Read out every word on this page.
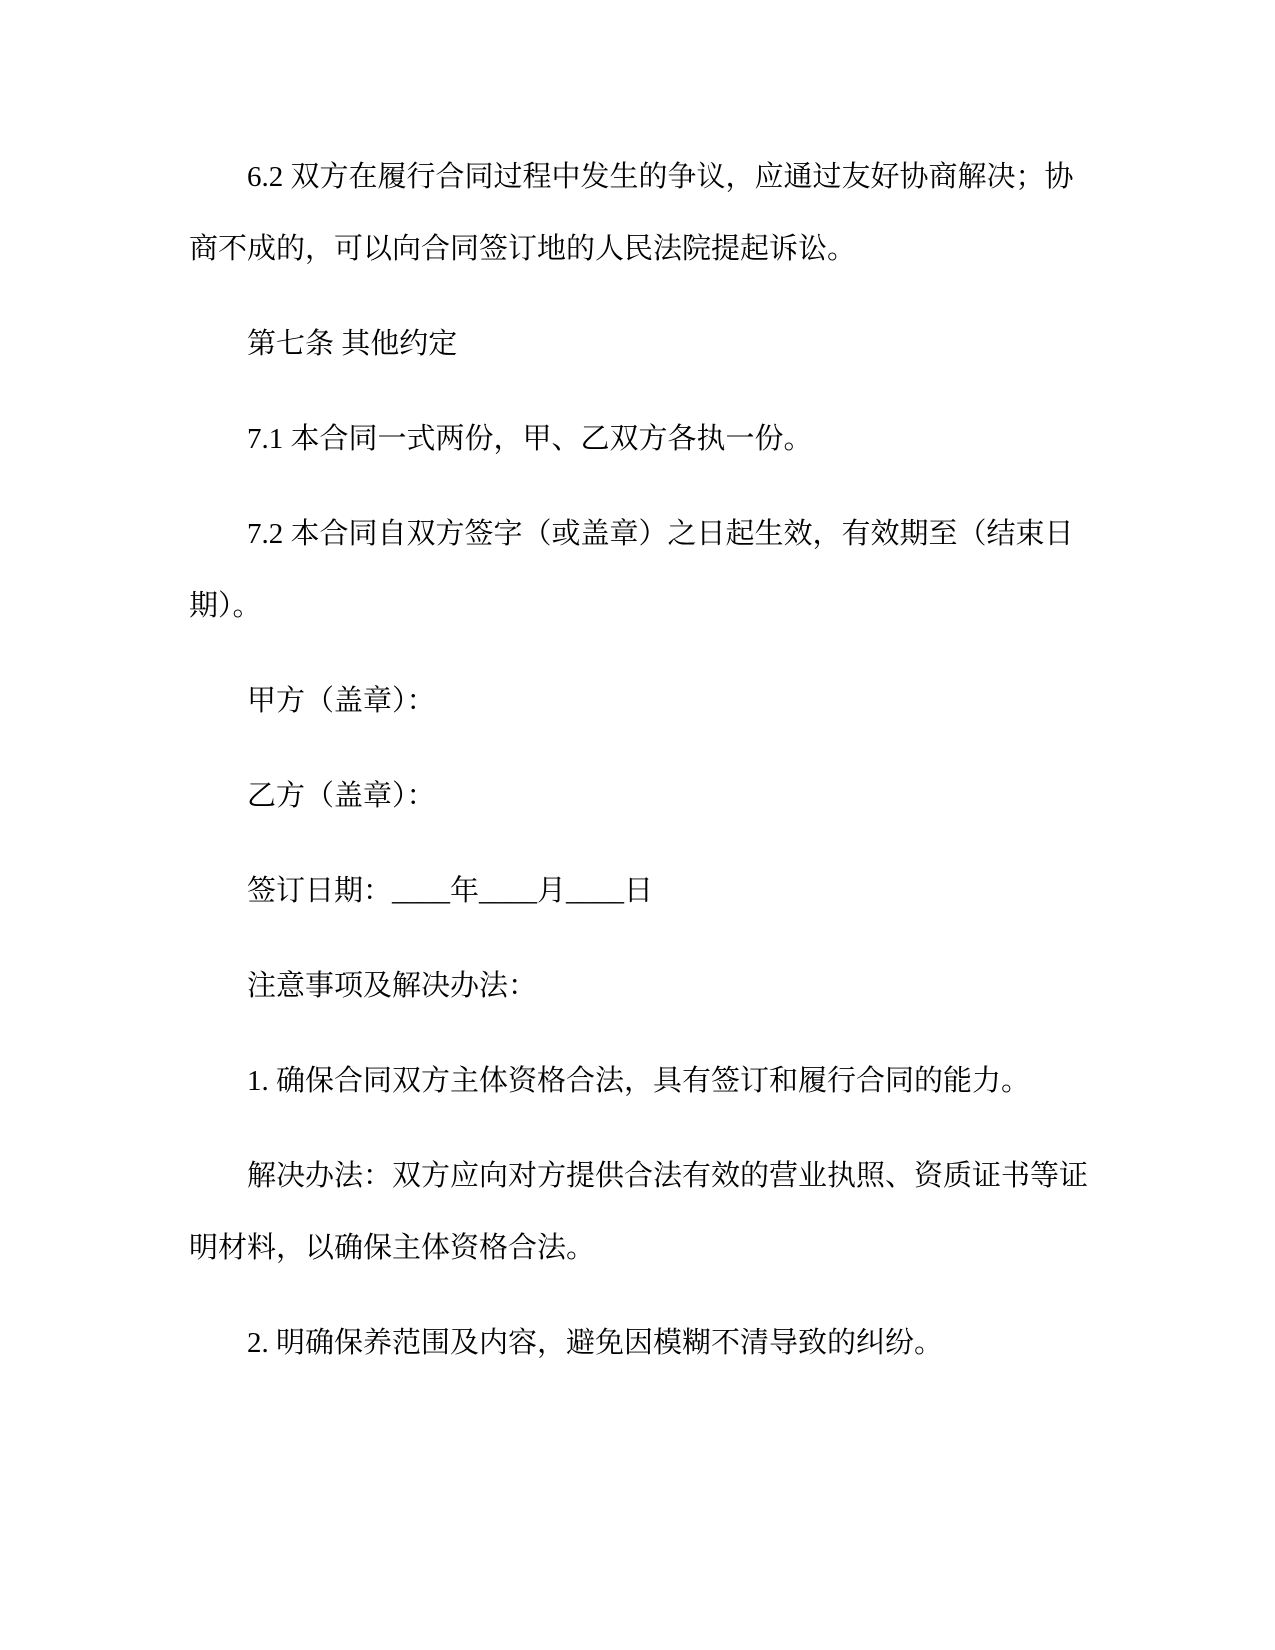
6.2 双方在履行合同过程中发生的争议，应通过友好协商解决；协商不成的，可以向合同签订地的人民法院提起诉讼。

第七条 其他约定

7.1 本合同一式两份，甲、乙双方各执一份。

7.2 本合同自双方签字（或盖章）之日起生效，有效期至（结束日期）。

甲方（盖章）：

乙方（盖章）：

签订日期：____年____月____日

注意事项及解决办法：

1. 确保合同双方主体资格合法，具有签订和履行合同的能力。

解决办法：双方应向对方提供合法有效的营业执照、资质证书等证明材料，以确保主体资格合法。

2. 明确保养范围及内容，避免因模糊不清导致的纠纷。
